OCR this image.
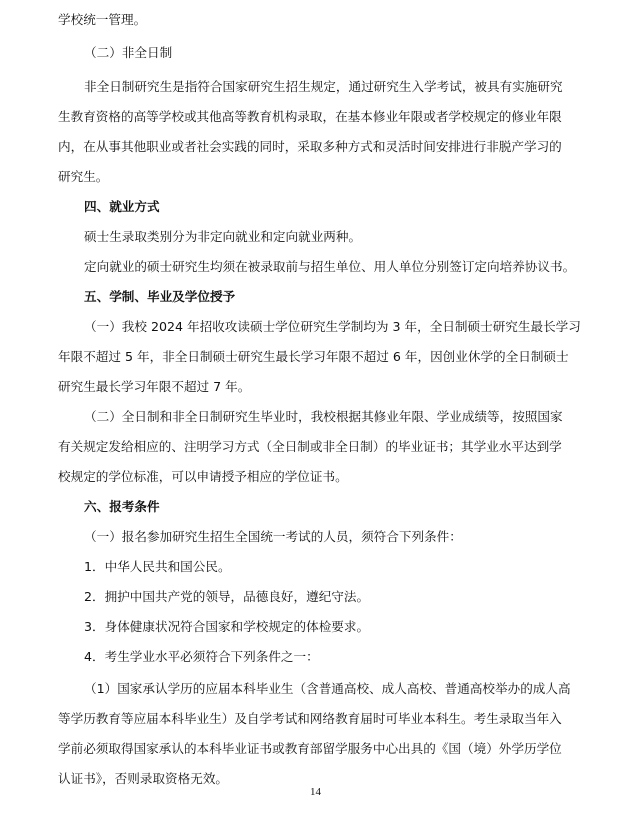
学校统一管理。
（二）非全日制
非全日制研究生是指符合国家研究生招生规定，通过研究生入学考试，被具有实施研究
生教育资格的高等学校或其他高等教育机构录取，在基本修业年限或者学校规定的修业年限
内，在从事其他职业或者社会实践的同时，采取多种方式和灵活时间安排进行非脱产学习的
研究生。
四、就业方式
硕士生录取类别分为非定向就业和定向就业两种。
定向就业的硕士研究生均须在被录取前与招生单位、用人单位分别签订定向培养协议书。
五、学制、毕业及学位授予
（一）我校 2024 年招收攻读硕士学位研究生学制均为 3 年，全日制硕士研究生最长学习
年限不超过 5 年，非全日制硕士研究生最长学习年限不超过 6 年，因创业休学的全日制硕士
研究生最长学习年限不超过 7 年。
（二）全日制和非全日制研究生毕业时，我校根据其修业年限、学业成绩等，按照国家
有关规定发给相应的、注明学习方式（全日制或非全日制）的毕业证书；其学业水平达到学
校规定的学位标准，可以申请授予相应的学位证书。
六、报考条件
（一）报名参加研究生招生全国统一考试的人员，须符合下列条件：
1．中华人民共和国公民。
2．拥护中国共产党的领导，品德良好，遵纪守法。
3．身体健康状况符合国家和学校规定的体检要求。
4．考生学业水平必须符合下列条件之一：
（1）国家承认学历的应届本科毕业生（含普通高校、成人高校、普通高校举办的成人高
等学历教育等应届本科毕业生）及自学考试和网络教育届时可毕业本科生。考生录取当年入
学前必须取得国家承认的本科毕业证书或教育部留学服务中心出具的《国（境）外学历学位
认证书》，否则录取资格无效。
14
